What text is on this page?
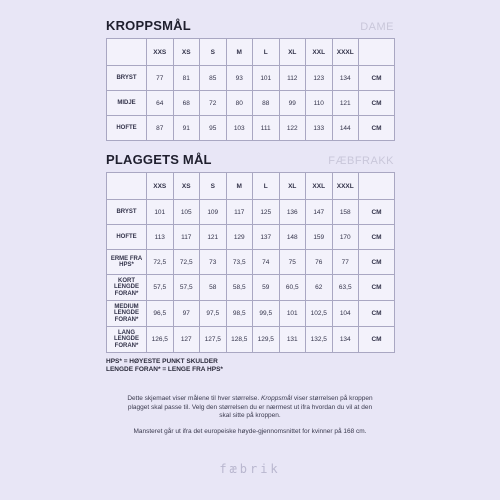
KROPPSMÅL	DAME
	XXS	XS	S	M	L	XL	XXL	XXXL	
BRYST	77	81	85	93	101	112	123	134	CM
MIDJE	64	68	72	80	88	99	110	121	CM
HOFTE	87	91	95	103	111	122	133	144	CM
PLAGGETS MÅL	FÆBFRAKK
	XXS	XS	S	M	L	XL	XXL	XXXL	
BRYST	101	105	109	117	125	136	147	158	CM
HOFTE	113	117	121	129	137	148	159	170	CM
ERME FRA HPS*	72,5	72,5	73	73,5	74	75	76	77	CM
KORT LENGDE FORAN*	57,5	57,5	58	58,5	59	60,5	62	63,5	CM
MEDIUM LENGDE FORAN*	96,5	97	97,5	98,5	99,5	101	102,5	104	CM
LANG LENGDE FORAN*	126,5	127	127,5	128,5	129,5	131	132,5	134	CM
HPS* = HØYESTE PUNKT SKULDER
LENGDE FORAN* = LENGE FRA HPS*
Dette skjemaet viser målene til hver størrelse. Kroppsmål viser størrelsen på kroppen plagget skal passe til. Velg den størrelsen du er nærmest ut ifra hvordan du vil at den skal sitte på kroppen.
Mansteret går ut ifra det europeiske høyde-gjennomsnittet for kvinner på 168 cm.
fæbrik
